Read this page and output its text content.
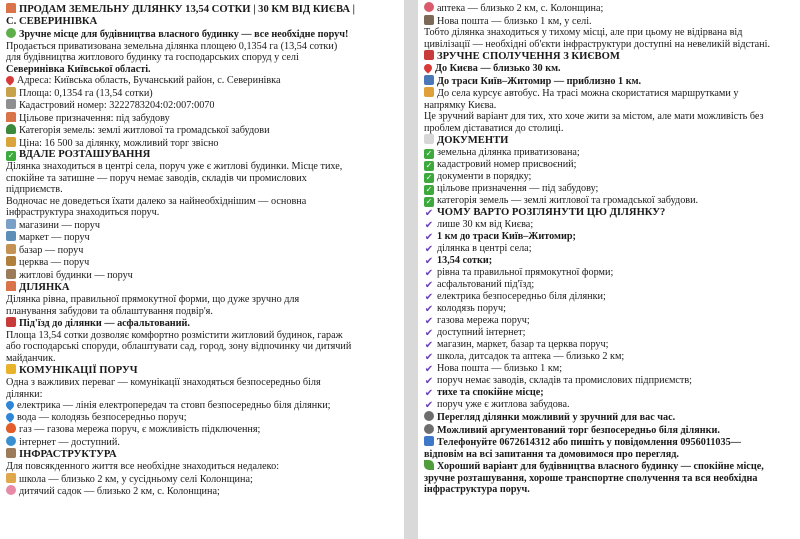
ПРОДАМ ЗЕМЕЛЬНУ ДІЛЯНКУ 13,54 СОТКИ | 30 КМ ВІД КИЄВА |
С. СЕВЕРИНІВКА
Зручне місце для будівництва власного будинку — все необхідне поруч!
Продається приватизована земельна ділянка площею 0,1354 га (13,54 сотки)
для будівництва житлового будинку та господарських споруд у селі
Северинівка Київської області.
Адреса: Київська область, Бучанський район, с. Северинівка
Площа: 0,1354 га (13,54 сотки)
Кадастровий номер: 3222783204:02:007:0070
Цільове призначення: під забудову
Категорія земель: землі житлової та громадської забудови
Ціна: 16 500 за ділянку, можливий торг звісно
✓ ВДАЛЕ РОЗТАШУВАННЯ
Ділянка знаходиться в центрі села, поруч уже є житлові будинки. Місце тихе,
спокійне та затишне — поруч немає заводів, складів чи промислових
підприємств.
Водночас не доведеться їхати далеко за найнеобхіднішим — основна
інфраструктура знаходиться поруч.
магазини — поруч
маркет — поруч
базар — поруч
церква — поруч
житлові будинки — поруч
ДІЛЯНКА
Ділянка рівна, правильної прямокутної форми, що дуже зручно для
планування забудови та облаштування подвір'я.
Під'їзд до ділянки — асфальтований.
Площа 13,54 сотки дозволяє комфортно розмістити житловий будинок, гараж
або господарські споруди, облаштувати сад, город, зону відпочинку чи дитячий
майданчик.
КОМУНІКАЦІЇ ПОРУЧ
Одна з важливих переваг — комунікації знаходяться безпосередньо біля
ділянки:
електрика — лінія електропередач та стовп безпосередньо біля ділянки;
вода — колодязь безпосередньо поруч;
газ — газова мережа поруч, є можливість підключення;
інтернет — доступний.
ІНФРАСТРУКТУРА
Для повсякденного життя все необхідне знаходиться недалеко:
школа — близько 2 км, у сусідньому селі Колонщина;
дитячий садок — близько 2 км, с. Колонщина;
аптека — близько 2 км, с. Колонщина;
Нова пошта — близько 1 км, у селі.
Тобто ділянка знаходиться у тихому місці, але при цьому не відірвана від
цивілізації — необхідні об'єкти інфраструктури доступні на невеликій відстані.
ЗРУЧНЕ СПОЛУЧЕННЯ З КИЄВОМ
До Києва — близько 30 км.
До траси Київ–Житомир — приблизно 1 км.
До села курсує автобус. На трасі можна скористатися маршрутками у
напрямку Києва.
Це зручний варіант для тих, хто хоче жити за містом, але мати можливість без
проблем діставатися до столиці.
ДОКУМЕНТИ
✓ земельна ділянка приватизована;
✓ кадастровий номер присвоєний;
✓ документи в порядку;
✓ цільове призначення — під забудову;
✓ категорія земель — землі житлової та громадської забудови.
✔ ЧОМУ ВАРТО РОЗГЛЯНУТИ ЦЮ ДІЛЯНКУ?
✔ лише 30 км від Києва;
✔ 1 км до траси Київ–Житомир;
✔ ділянка в центрі села;
✔ 13,54 сотки;
✔ рівна та правильної прямокутної форми;
✔ асфальтований під'їзд;
✔ електрика безпосередньо біля ділянки;
✔ колодязь поруч;
✔ газова мережа поруч;
✔ доступний інтернет;
✔ магазин, маркет, базар та церква поруч;
✔ школа, дитсадок та аптека — близько 2 км;
✔ Нова пошта — близько 1 км;
✔ поруч немає заводів, складів та промислових підприємств;
✔ тихе та спокійне місце;
✔ поруч уже є житлова забудова.
Перегляд ділянки можливий у зручний для вас час.
Можливий аргументований торг безпосередньо біля ділянки.
Телефонуйте 0672614312 або пишіть у повідомлення 0956011035—
відповім на всі запитання та домовимося про перегляд.
Хороший варіант для будівництва власного будинку — спокійне місце,
зручне розташування, хороше транспортне сполучення та вся необхідна
інфраструктура поруч.
